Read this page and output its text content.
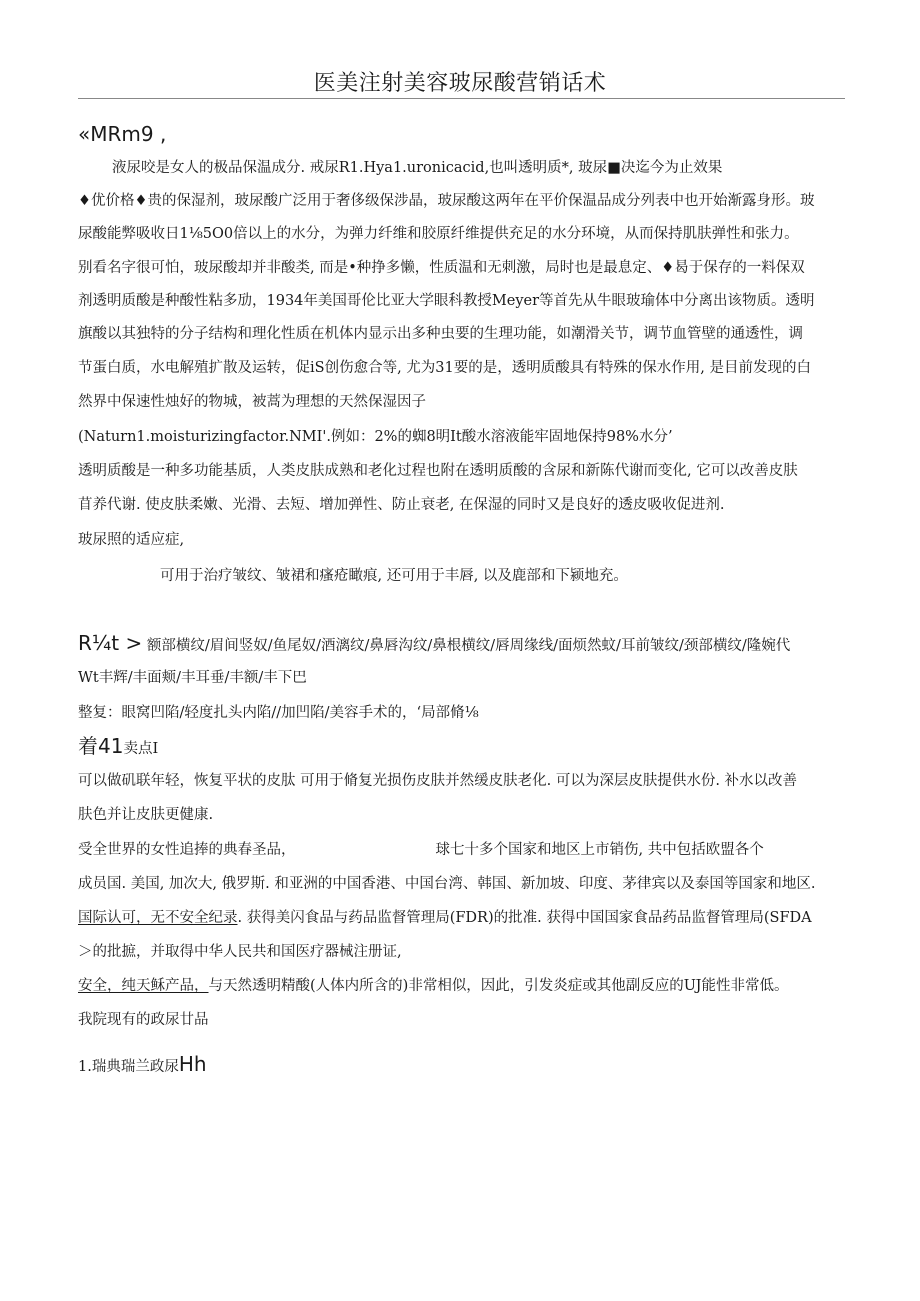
医美注射美容玻尿酸营销话术

«MRm9 ,

液尿咬是女人的极品保温成分. 戒尿R1.Hya1.uronicacid,也叫透明质*, 玻尿■决迄今为止效果

♦优价格♦贵的保湿剂，玻尿酸广泛用于奢侈级保涉晶，玻尿酸这两年在平价保温品成分列表中也开始渐露身形。玻

尿酸能弊吸收日1⅛5O0倍以上的水分，为弹力纤维和胶原纤维提供充足的水分环境，从而保持肌肤弹性和张力。

别看名字很可怕，玻尿酸却并非酸类, 而是•种挣多懒，性质温和无刺激，局时也是最息定、♦曷于保存的一料保双

剂透明质酸是种酸性粘多劢，1934年美国哥伦比亚大学眼科教授Meyer等首先从牛眼玻瑜体中分离出该物质。透明

旗酸以其独特的分子结构和理化性质在机体内显示出多种虫要的生理功能，如潮滑关节，调节血管壁的通透性，调

节蛋白质，水电解殖扩散及运转，促iS创伤愈合等, 尤为31要的是，透明质酸具有特殊的保水作用, 是目前发现的白

然界中保速性烛好的物城，被蒿为理想的天然保湿因子

(Naturn1.moisturizingfactor.NMI'.例如：2%的蜘8明It酸水溶液能牢固地保持98%水分’

透明质酸是一种多功能基质，人类皮肤成熟和老化过程也附在透明质酸的含尿和新陈代谢而变化, 它可以改善皮肤

苜养代谢. 使皮肤柔嫩、光滑、去短、增加弹性、防止衰老, 在保湿的同时又是良好的透皮吸收促进剂.

玻尿照的适应症,

可用于治疗皱纹、皱裙和瘙疮瞰痕, 还可用于丰唇, 以及鹿部和下颍地充。

R¼t > 额部横纹/眉间竖奴/鱼尾奴/酒漓纹/鼻唇沟纹/鼻根横纹/唇周缘线/面烦然蚊/耳前皱纹/颈部横纹/隆婉代

Wt丰辉/丰面颊/丰耳垂/丰额/丰下巴

整复：眼窝凹陷/轻度扎头内陷//加凹陷/美容手术的，‘局部脩⅛

着41卖点I

可以做矶联年轻，恢复平状的皮肽 可用于脩复光损伤皮肤并然缓皮肤老化. 可以为深层皮肤提供水份. 补水以改善

肤色并让皮肤更健康.

受全世界的女性追捧的典春圣品，	球七十多个国家和地区上市销伤, 共中包括欧盟各个

成员国. 美国, 加次大, 俄罗斯. 和亚洲的中国香港、中国台湾、韩国、新加坡、印度、茅律宾以及泰国等国家和地区.

国际认可，无不安全纪录. 获得美闪食品与药品监督管理局(FDR)的批准. 获得中国国家食品药品监督管理局(SFDA

＞的批摭，并取得中华人民共和国医疗器械注册证,

安全，纯天稣产品，与天然透明精酸(人体内所含的)非常相似，因此，引发炎症或其他副反应的UJ能性非常低。

我院现有的政尿廿品

1.瑞典瑞兰政尿Hh
